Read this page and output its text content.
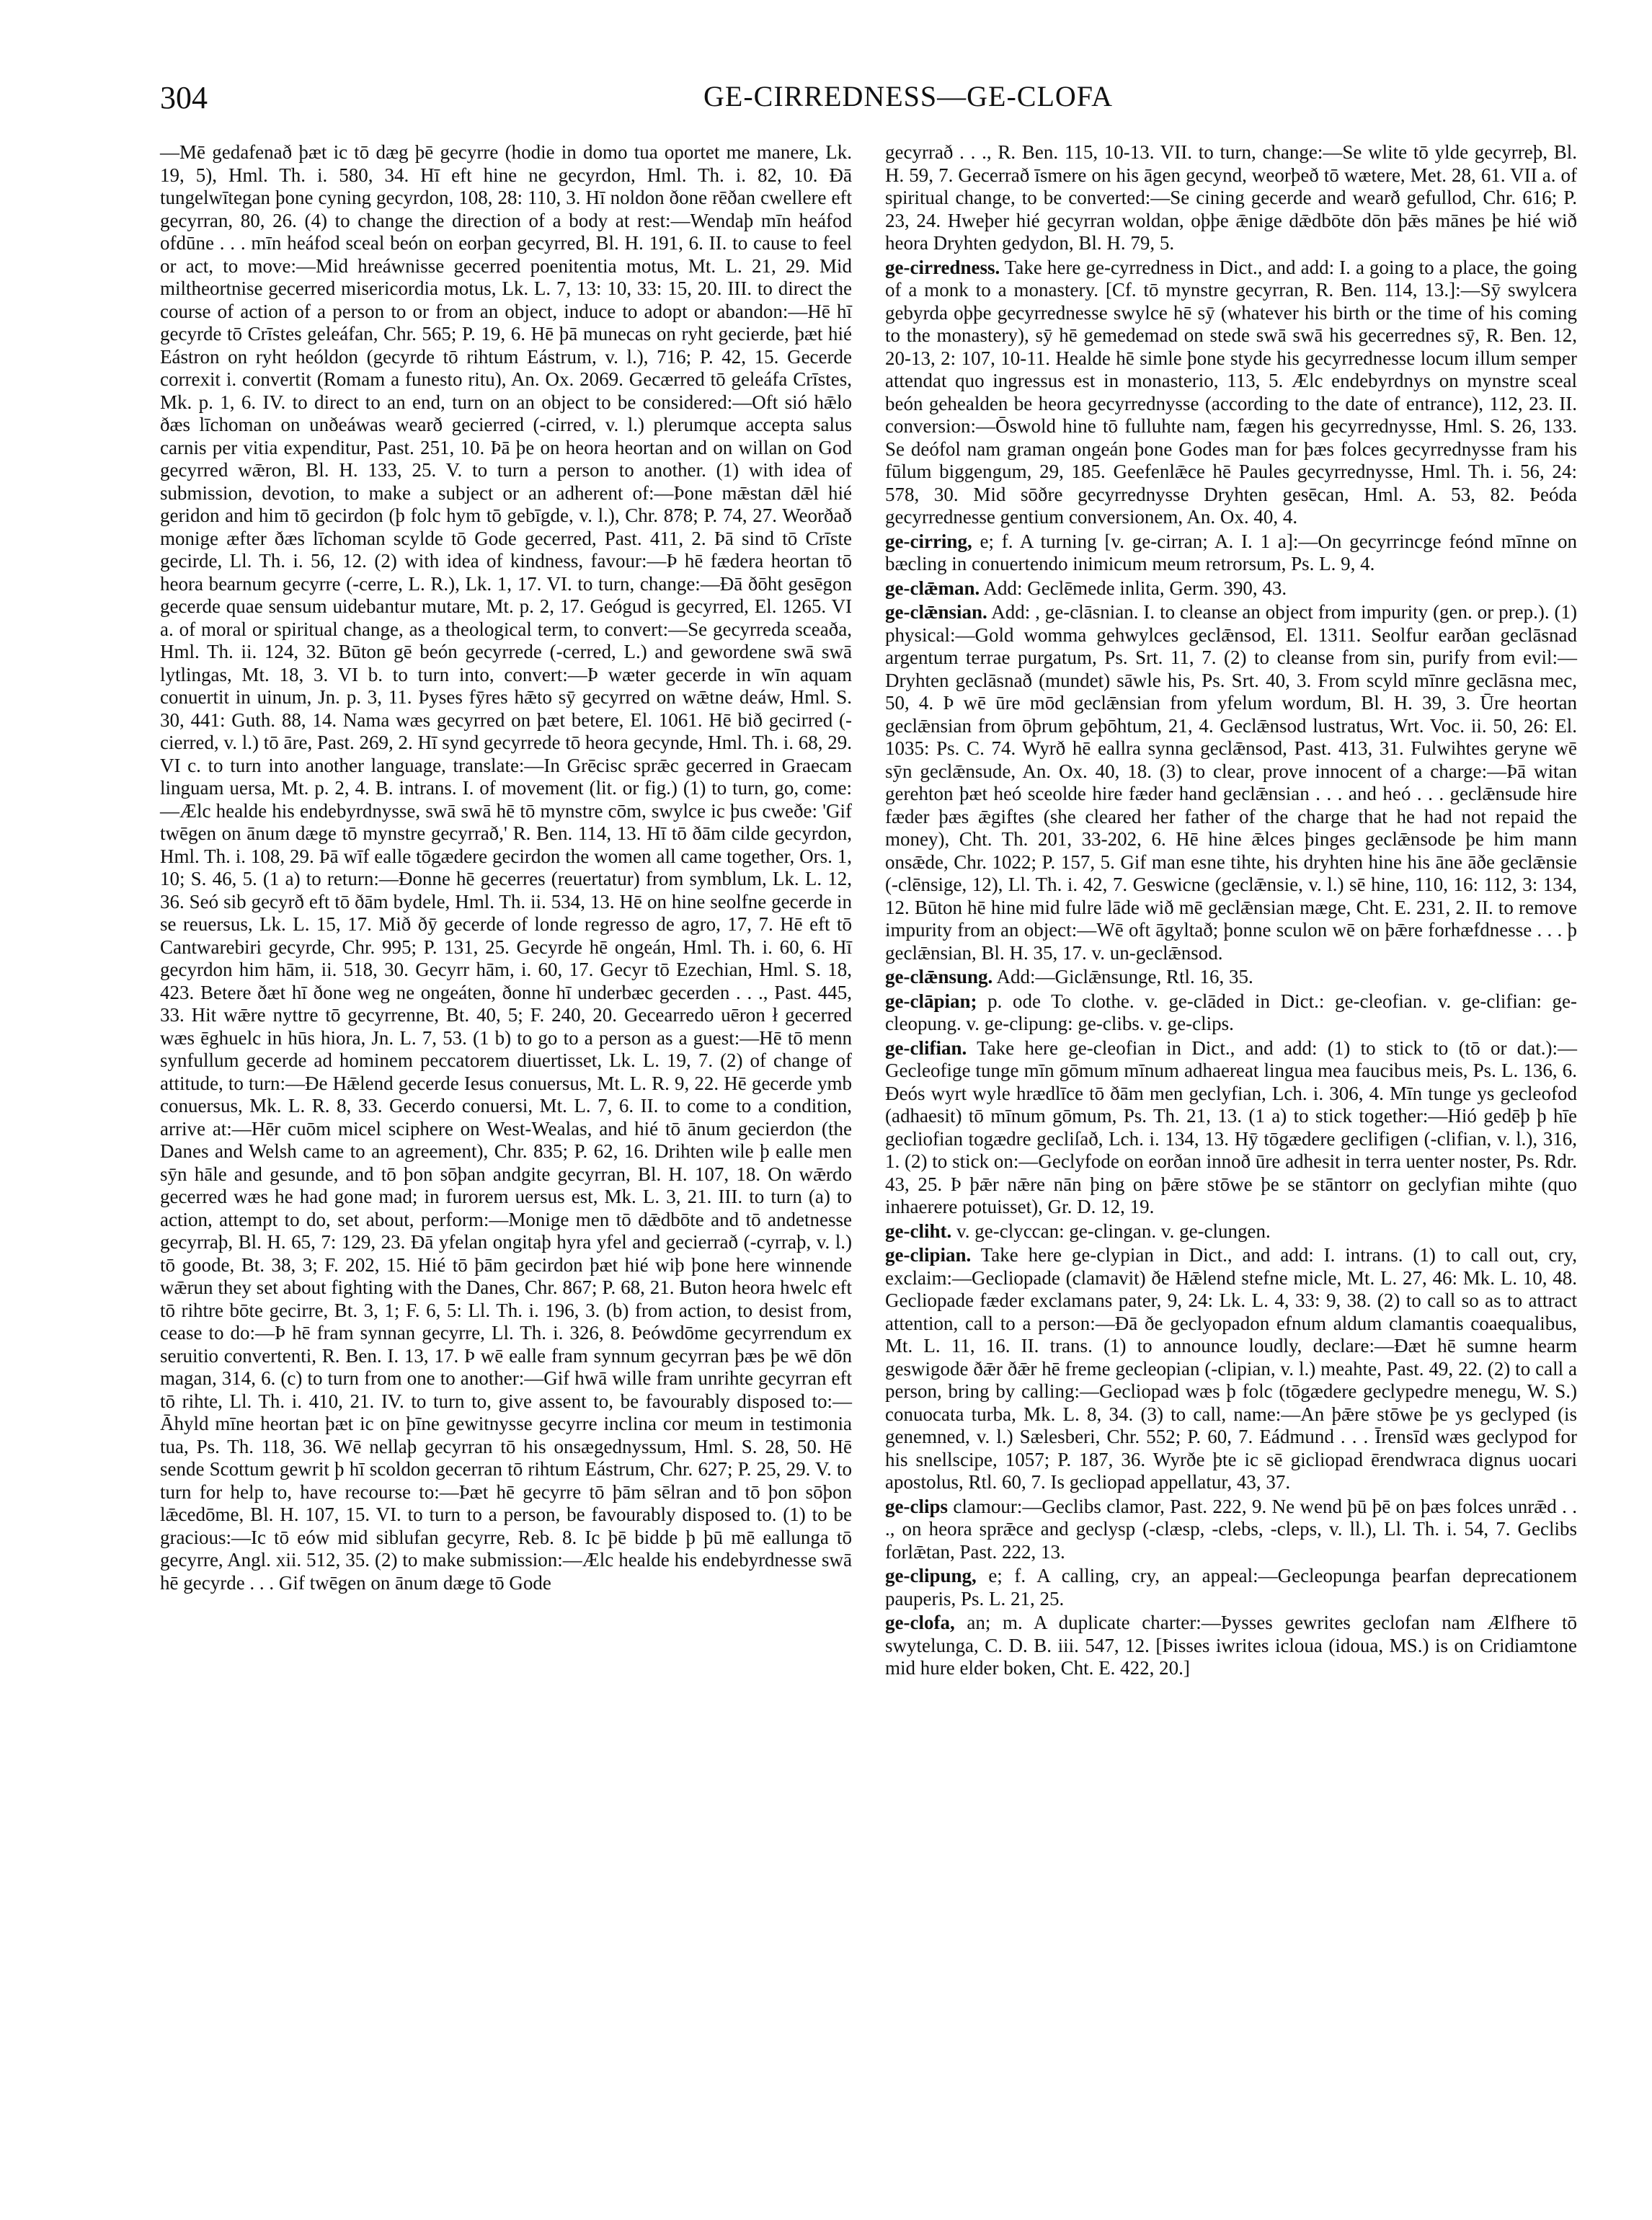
304	GE-CIRREDNESS—GE-CLOFA

—Mē gedafenað þæt ic tō dæg þē gecyrre (hodie in domo tua oportet me manere, Lk. 19, 5), Hml. Th. i. 580, 34. Hī eft hine ne gecyrdon, Hml. Th. i. 82, 10. Ðā tungelwītegan þone cyning gecyrdon, 108, 28: 110, 3. Hī noldon ðone rēðan cwellere eft gecyrran, 80, 26. (4) to change the direction of a body at rest:—Wendaþ mīn heáfod ofdūne . . . mīn heáfod sceal beón on eorþan gecyrred, Bl. H. 191, 6. II. to cause to feel or act, to move:—Mid hreáwnisse gecerred poenitentia motus, Mt. L. 21, 29. Mid miltheortnise gecerred misericordia motus, Lk. L. 7, 13: 10, 33: 15, 20. III. to direct the course of action of a person to or from an object, induce to adopt or abandon:—Hē hī gecyrde tō Crīstes geleáfan, Chr. 565; P. 19, 6. Hē þā munecas on ryht gecierde, þæt hié Eástron on ryht heóldon (gecyrde tō rihtum Eástrum, v. l.), 716; P. 42, 15. Gecerde correxit i. convertit (Romam a funesto ritu), An. Ox. 2069. Gecærred tō geleáfa Crīstes, Mk. p. 1, 6. IV. to direct to an end, turn on an object to be considered:—Oft sió hǣlo ðæs līchoman on unðeáwas wearð gecierred (-cirred, v. l.) plerumque accepta salus carnis per vitia expenditur, Past. 251, 10. Þā þe on heora heortan and on willan on God gecyrred wǣron, Bl. H. 133, 25. V. to turn a person to another. (1) with idea of submission, devotion, to make a subject or an adherent of:—Þone mǣstan dǣl hié geridon and him tō gecirdon (þ folc hym tō gebīgde, v. l.), Chr. 878; P. 74, 27. Weorðað monige æfter ðæs līchoman scylde tō Gode gecerred, Past. 411, 2. Þā sind tō Crīste gecirde, Ll. Th. i. 56, 12. (2) with idea of kindness, favour:—Þ hē fædera heortan tō heora bearnum gecyrre (-cerre, L. R.), Lk. 1, 17. VI. to turn, change:—Ðā ðōht gesēgon gecerde quae sensum uidebantur mutare, Mt. p. 2, 17. Geógud is gecyrred, El. 1265. VI a. of moral or spiritual change, as a theological term, to convert:—Se gecyrreda sceaða, Hml. Th. ii. 124, 32. Būton gē beón gecyrrede (-cerred, L.) and gewordene swā swā lytlingas, Mt. 18, 3. VI b. to turn into, convert:—Þ wæter gecerde in wīn aquam conuertit in uinum, Jn. p. 3, 11. Þyses fȳres hǣto sȳ gecyrred on wǣtne deáw, Hml. S. 30, 441: Guth. 88, 14. Nama wæs gecyrred on þæt betere, El. 1061. Hē bið gecirred (-cierred, v. l.) tō āre, Past. 269, 2. Hī synd gecyrrede tō heora gecynde, Hml. Th. i. 68, 29. VI c. to turn into another language, translate:—In Grēcisc sprǣc gecerred in Graecam linguam uersa, Mt. p. 2, 4. B. intrans. I. of movement (lit. or fig.) (1) to turn, go, come:—Ælc healde his endebyrdnysse, swā swā hē tō mynstre cōm, swylce ic þus cweðe: 'Gif twēgen on ānum dæge tō mynstre gecyrrað,' R. Ben. 114, 13. Hī tō ðām cilde gecyrdon, Hml. Th. i. 108, 29. Þā wīf ealle tōgædere gecirdon the women all came together, Ors. 1, 10; S. 46, 5. (1 a) to return:—Ðonne hē gecerres (reuertatur) from symblum, Lk. L. 12, 36. Seó sib gecyrð eft tō ðām bydele, Hml. Th. ii. 534, 13. Hē on hine seolfne gecerde in se reuersus, Lk. L. 15, 17. Mið ðȳ gecerde of londe regresso de agro, 17, 7. Hē eft tō Cantwarebiri gecyrde, Chr. 995; P. 131, 25. Gecyrde hē ongeán, Hml. Th. i. 60, 6. Hī gecyrdon him hām, ii. 518, 30. Gecyrr hām, i. 60, 17. Gecyr tō Ezechian, Hml. S. 18, 423. Betere ðæt hī ðone weg ne ongeáten, ðonne hī underbæc gecerden . . ., Past. 445, 33. Hit wǣre nyttre tō gecyrrenne, Bt. 40, 5; F. 240, 20. Gecearredo uēron ł gecerred wæs ēghuelc in hūs hiora, Jn. L. 7, 53. (1 b) to go to a person as a guest:—Hē tō menn synfullum gecerde ad hominem peccatorem diuertisset, Lk. L. 19, 7. (2) of change of attitude, to turn:—Ðe Hǣlend gecerde Iesus conuersus, Mt. L. R. 9, 22. Hē gecerde ymb conuersus, Mk. L. R. 8, 33. Gecerdo conuersi, Mt. L. 7, 6. II. to come to a condition, arrive at:—Hēr cuōm micel sciphere on West-Wealas, and hié tō ānum gecierdon (the Danes and Welsh came to an agreement), Chr. 835; P. 62, 16. Drihten wile þ ealle men sȳn hāle and gesunde, and tō þon sōþan andgite gecyrran, Bl. H. 107, 18. On wǣrdo gecerred wæs he had gone mad; in furorem uersus est, Mk. L. 3, 21. III. to turn (a) to action, attempt to do, set about, perform:—Monige men tō dǣdbōte and tō andetnesse gecyrraþ, Bl. H. 65, 7: 129, 23. Ðā yfelan ongitaþ hyra yfel and gecierrað (-cyrraþ, v. l.) tō goode, Bt. 38, 3; F. 202, 15. Hié tō þām gecirdon þæt hié wiþ þone here winnende wǣrun they set about fighting with the Danes, Chr. 867; P. 68, 21. Buton heora hwelc eft tō rihtre bōte gecirre, Bt. 3, 1; F. 6, 5: Ll. Th. i. 196, 3. (b) from action, to desist from, cease to do:—Þ hē fram synnan gecyrre, Ll. Th. i. 326, 8. Þeówdōme gecyrrendum ex seruitio convertenti, R. Ben. I. 13, 17. Þ wē ealle fram synnum gecyrran þæs þe wē dōn magan, 314, 6. (c) to turn from one to another:—Gif hwā wille fram unrihte gecyrran eft tō rihte, Ll. Th. i. 410, 21. IV. to turn to, give assent to, be favourably disposed to:—Āhyld mīne heortan þæt ic on þīne gewitnysse gecyrre inclina cor meum in testimonia tua, Ps. Th. 118, 36. Wē nellaþ gecyrran tō his onsægednyssum, Hml. S. 28, 50. Hē sende Scottum gewrit þ hī scoldon gecerran tō rihtum Eástrum, Chr. 627; P. 25, 29. V. to turn for help to, have recourse to:—Þæt hē gecyrre tō þām sēlran and tō þon sōþon lǣcedōme, Bl. H. 107, 15. VI. to turn to a person, be favourably disposed to. (1) to be gracious:—Ic tō eów mid siblufan gecyrre, Reb. 8. Ic þē bidde þ þū mē eallunga tō gecyrre, Angl. xii. 512, 35. (2) to make submission:—Ælc healde his endebyrdnesse swā hē gecyrde . . . Gif twēgen on ānum dæge tō Gode

gecyrrað . . ., R. Ben. 115, 10-13. VII. to turn, change:—Se wlite tō ylde gecyrreþ, Bl. H. 59, 7. Gecerrað īsmere on his āgen gecynd, weorþeð tō wætere, Met. 28, 61. VII a. of spiritual change, to be converted:—Se cining gecerde and wearð gefullod, Chr. 616; P. 23, 24. Hweþer hié gecyrran woldan, oþþe ǣnige dǣdbōte dōn þǣs mānes þe hié wið heora Dryhten gedydon, Bl. H. 79, 5.

ge-cirredness. Take here ge-cyrredness in Dict., and add: I. a going to a place, the going of a monk to a monastery. [Cf. tō mynstre gecyrran, R. Ben. 114, 13.]:—Sȳ swylcera gebyrda oþþe gecyrrednesse swylce hē sȳ (whatever his birth or the time of his coming to the monastery), sȳ hē gemedemad on stede swā swā his gecerrednes sȳ, R. Ben. 12, 20-13, 2: 107, 10-11. Healde hē simle þone styde his gecyrrednesse locum illum semper attendat quo ingressus est in monasterio, 113, 5. Ælc endebyrdnys on mynstre sceal beón gehealden be heora gecyrrednysse (according to the date of entrance), 112, 23. II. conversion:—Ōswold hine tō fulluhte nam, fægen his gecyrrednysse, Hml. S. 26, 133. Se deófol nam graman ongeán þone Godes man for þæs folces gecyrrednysse fram his fūlum biggengum, 29, 185. Geefenlǣce hē Paules gecyrrednysse, Hml. Th. i. 56, 24: 578, 30. Mid sōðre gecyrrednysse Dryhten gesēcan, Hml. A. 53, 82. Þeóda gecyrrednesse gentium conversionem, An. Ox. 40, 4.

ge-cirring, e; f. A turning [v. ge-cirran; A. I. 1 a]:—On gecyrrincge feónd mīnne on bæcling in conuertendo inimicum meum retrorsum, Ps. L. 9, 4.

ge-clǣman. Add: Geclēmede inlita, Germ. 390, 43.

ge-clǣnsian. Add: , ge-clāsnian. I. to cleanse an object from impurity (gen. or prep.). (1) physical:—Gold womma gehwylces geclǣnsod, El. 1311. Seolfur earðan geclāsnad argentum terrae purgatum, Ps. Srt. 11, 7. (2) to cleanse from sin, purify from evil:—Dryhten geclāsnað (mundet) sāwle his, Ps. Srt. 40, 3. From scyld mīnre geclāsna mec, 50, 4. Þ wē ūre mōd geclǣnsian from yfelum wordum, Bl. H. 39, 3. Ūre heortan geclǣnsian from ōþrum geþōhtum, 21, 4. Geclǣnsod lustratus, Wrt. Voc. ii. 50, 26: El. 1035: Ps. C. 74. Wyrð hē eallra synna geclǣnsod, Past. 413, 31. Fulwihtes geryne wē sȳn geclǣnsude, An. Ox. 40, 18. (3) to clear, prove innocent of a charge:—Þā witan gerehton þæt heó sceolde hire fæder hand geclǣnsian . . . and heó . . . geclǣnsude hire fæder þæs ǣgiftes (she cleared her father of the charge that he had not repaid the money), Cht. Th. 201, 33-202, 6. Hē hine ǣlces þinges geclǣnsode þe him mann onsǣde, Chr. 1022; P. 157, 5. Gif man esne tihte, his dryhten hine his āne āðe geclǣnsie (-clēnsige, 12), Ll. Th. i. 42, 7. Geswicne (geclǣnsie, v. l.) sē hine, 110, 16: 112, 3: 134, 12. Būton hē hine mid fulre lāde wið mē geclǣnsian mæge, Cht. E. 231, 2. II. to remove impurity from an object:—Wē oft āgyltað; þonne sculon wē on þǣre forhæfdnesse . . . þ geclǣnsian, Bl. H. 35, 17. v. un-geclǣnsod.

ge-clǣnsung. Add:—Giclǣnsunge, Rtl. 16, 35.

ge-clāpian; p. ode To clothe. v. ge-clāded in Dict.: ge-cleofian. v. ge-clifian: ge-cleopung. v. ge-clipung: ge-clibs. v. ge-clips.

ge-clifian. Take here ge-cleofian in Dict., and add: (1) to stick to (tō or dat.):—Gecleofige tunge mīn gōmum mīnum adhaereat lingua mea faucibus meis, Ps. L. 136, 6. Ðeós wyrt wyle hrædlīce tō ðām men geclyfian, Lch. i. 306, 4. Mīn tunge ys gecleofod (adhaesit) tō mīnum gōmum, Ps. Th. 21, 13. (1 a) to stick together:—Hió gedēþ þ hīe gecliofian togædre gecliſað, Lch. i. 134, 13. Hȳ tōgædere geclifigen (-clifian, v. l.), 316, 1. (2) to stick on:—Geclyfode on eorðan innoð ūre adhesit in terra uenter noster, Ps. Rdr. 43, 25. Þ þǣr nǣre nān þing on þǣre stōwe þe se stāntorr on geclyfian mihte (quo inhaerere potuisset), Gr. D. 12, 19.

ge-cliht. v. ge-clyccan: ge-clingan. v. ge-clungen.

ge-clipian. Take here ge-clypian in Dict., and add: I. intrans. (1) to call out, cry, exclaim:—Gecliopade (clamavit) ðe Hǣlend stefne micle, Mt. L. 27, 46: Mk. L. 10, 48. Gecliopade fæder exclamans pater, 9, 24: Lk. L. 4, 33: 9, 38. (2) to call so as to attract attention, call to a person:—Ðā ðe geclyopadon efnum aldum clamantis coaequalibus, Mt. L. 11, 16. II. trans. (1) to announce loudly, declare:—Ðæt hē sumne hearm geswigode ðǣr ðǣr hē freme gecleopian (-clipian, v. l.) meahte, Past. 49, 22. (2) to call a person, bring by calling:—Gecliopad wæs þ folc (tōgædere geclypedre menegu, W. S.) conuocata turba, Mk. L. 8, 34. (3) to call, name:—An þǣre stōwe þe ys geclyped (is genemned, v. l.) Sælesberi, Chr. 552; P. 60, 7. Eádmund . . . Īrensīd wæs geclypod for his snellscipe, 1057; P. 187, 36. Wyrðe þte ic sē gicliopad ērendwraca dignus uocari apostolus, Rtl. 60, 7. Is gecliopad appellatur, 43, 37.

ge-clips clamour:—Geclibs clamor, Past. 222, 9. Ne wend þū þē on þæs folces unrǣd . . ., on heora sprǣce and geclysp (-clæsp, -clebs, -cleps, v. ll.), Ll. Th. i. 54, 7. Geclibs forlǣtan, Past. 222, 13.

ge-clipung, e; f. A calling, cry, an appeal:—Gecleopunga þearfan deprecationem pauperis, Ps. L. 21, 25.

ge-clofa, an; m. A duplicate charter:—Þysses gewrites geclofan nam Ælfhere tō swytelunga, C. D. B. iii. 547, 12. [Þisses iwrites icloua (idoua, MS.) is on Cridiamtone mid hure elder boken, Cht. E. 422, 20.]
